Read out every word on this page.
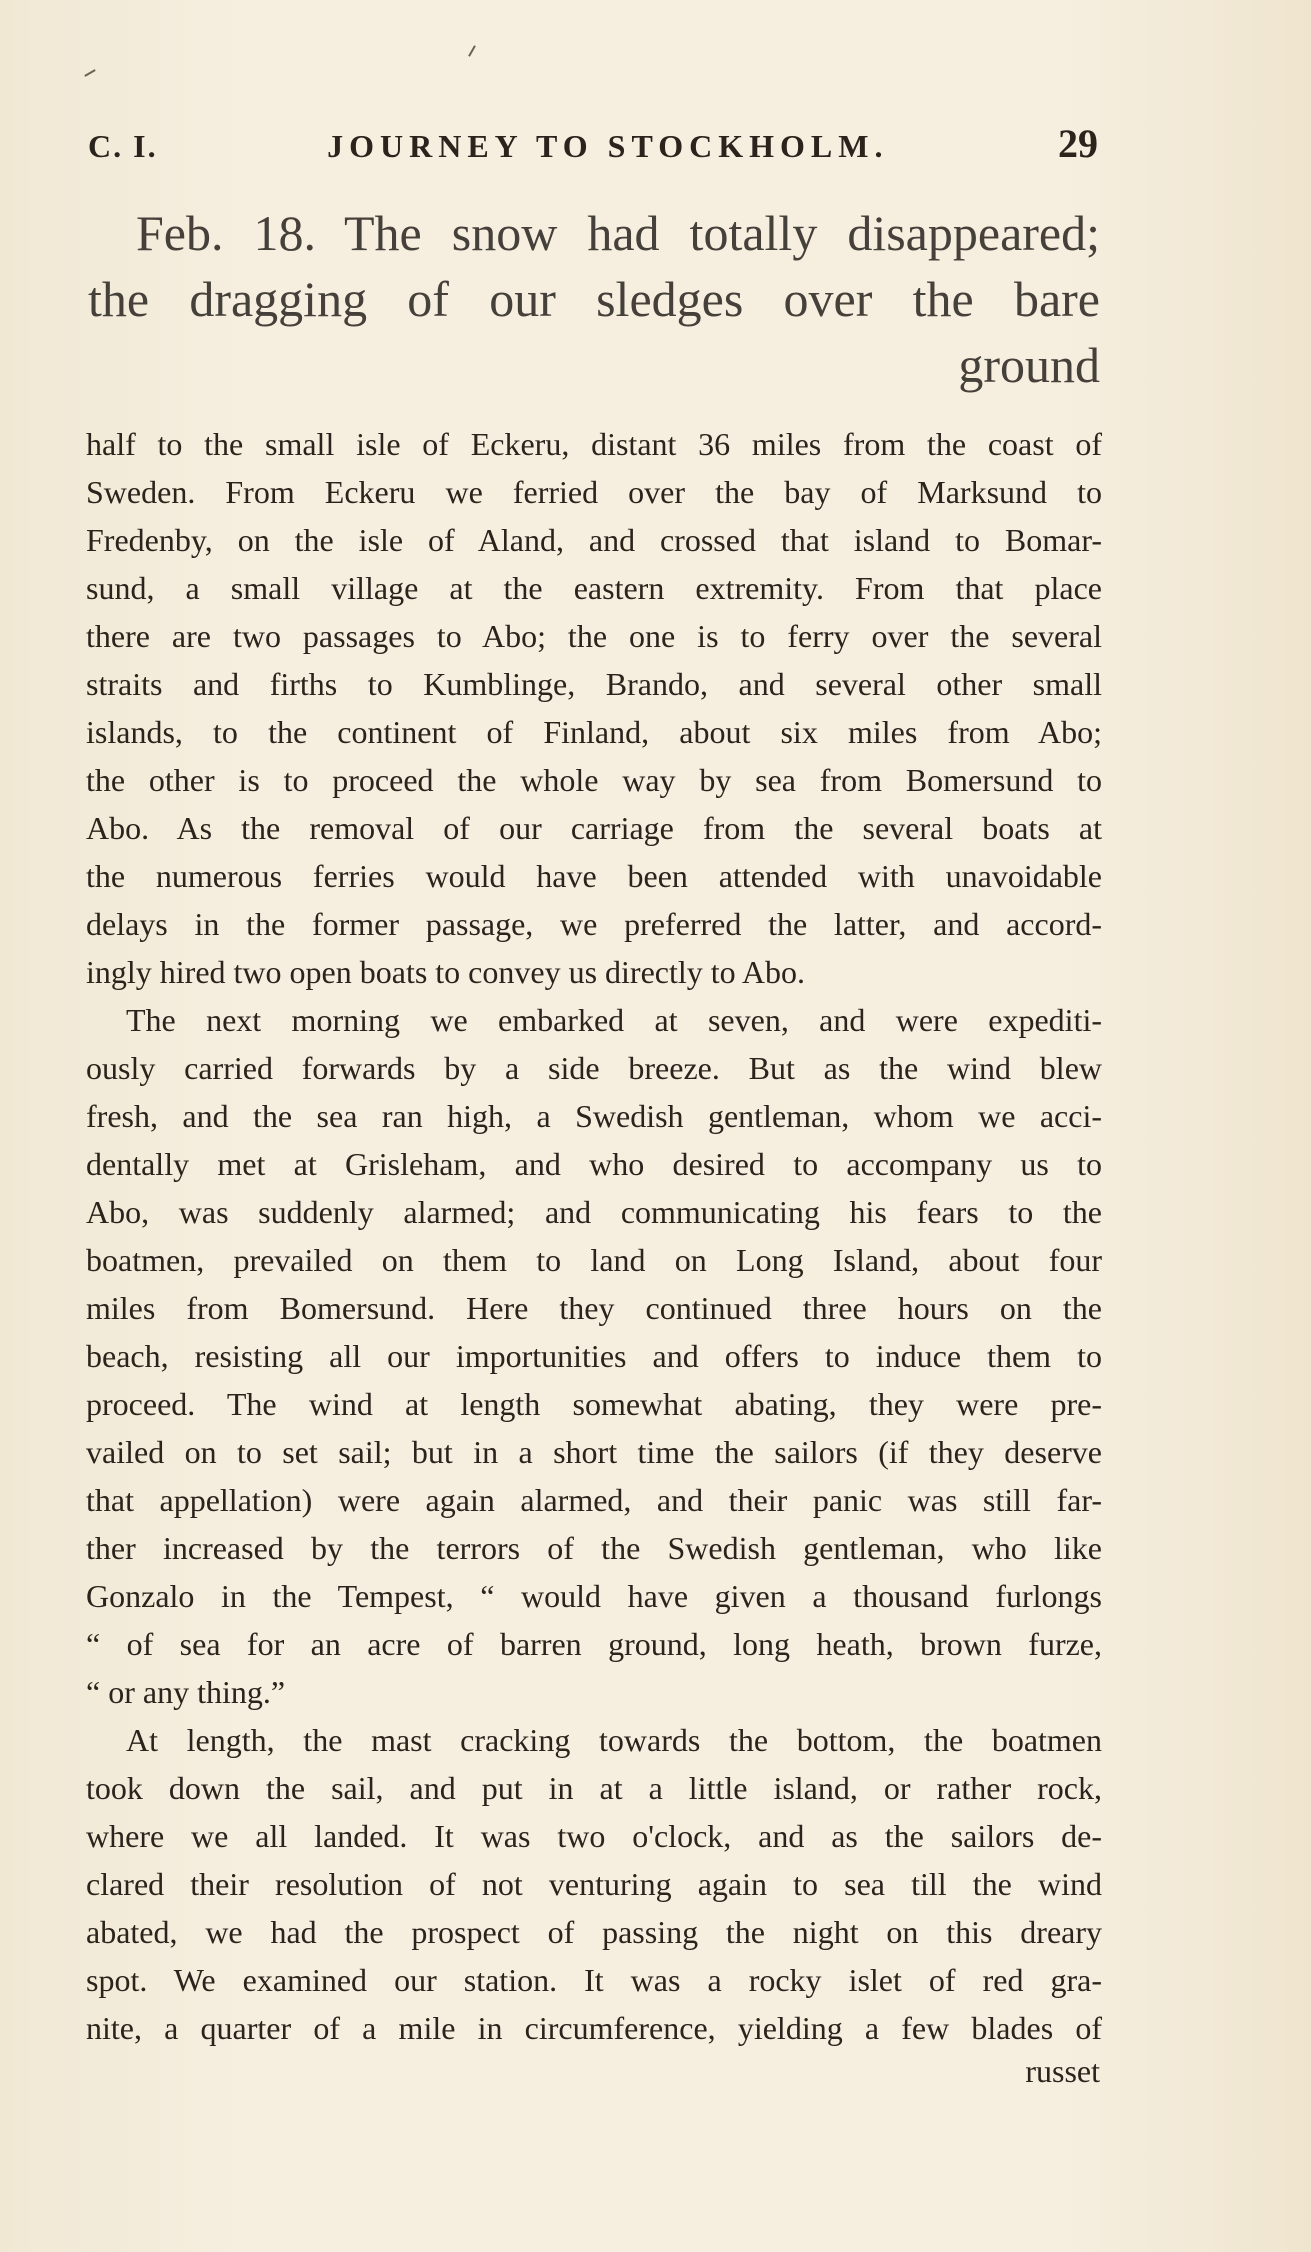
C. I.	JOURNEY TO STOCKHOLM.	29
Feb. 18. The snow had totally disappeared;
the dragging of our sledges over the bare
ground
half to the small isle of Eckeru, distant 36 miles from the coast of
Sweden. From Eckeru we ferried over the bay of Marksund to
Fredenby, on the isle of Aland, and crossed that island to Bomar-
sund, a small village at the eastern extremity. From that place
there are two passages to Abo; the one is to ferry over the several
straits and firths to Kumblinge, Brando, and several other small
islands, to the continent of Finland, about six miles from Abo;
the other is to proceed the whole way by sea from Bomersund to
Abo. As the removal of our carriage from the several boats at
the numerous ferries would have been attended with unavoidable
delays in the former passage, we preferred the latter, and accord-
ingly hired two open boats to convey us directly to Abo.
The next morning we embarked at seven, and were expediti-
ously carried forwards by a side breeze. But as the wind blew
fresh, and the sea ran high, a Swedish gentleman, whom we acci-
dentally met at Grisleham, and who desired to accompany us to
Abo, was suddenly alarmed; and communicating his fears to the
boatmen, prevailed on them to land on Long Island, about four
miles from Bomersund. Here they continued three hours on the
beach, resisting all our importunities and offers to induce them to
proceed. The wind at length somewhat abating, they were pre-
vailed on to set sail; but in a short time the sailors (if they deserve
that appellation) were again alarmed, and their panic was still far-
ther increased by the terrors of the Swedish gentleman, who like
Gonzalo in the Tempest, “ would have given a thousand furlongs
“ of sea for an acre of barren ground, long heath, brown furze,
“ or any thing.”
At length, the mast cracking towards the bottom, the boatmen
took down the sail, and put in at a little island, or rather rock,
where we all landed. It was two o'clock, and as the sailors de-
clared their resolution of not venturing again to sea till the wind
abated, we had the prospect of passing the night on this dreary
spot. We examined our station. It was a rocky islet of red gra-
nite, a quarter of a mile in circumference, yielding a few blades of
russet
